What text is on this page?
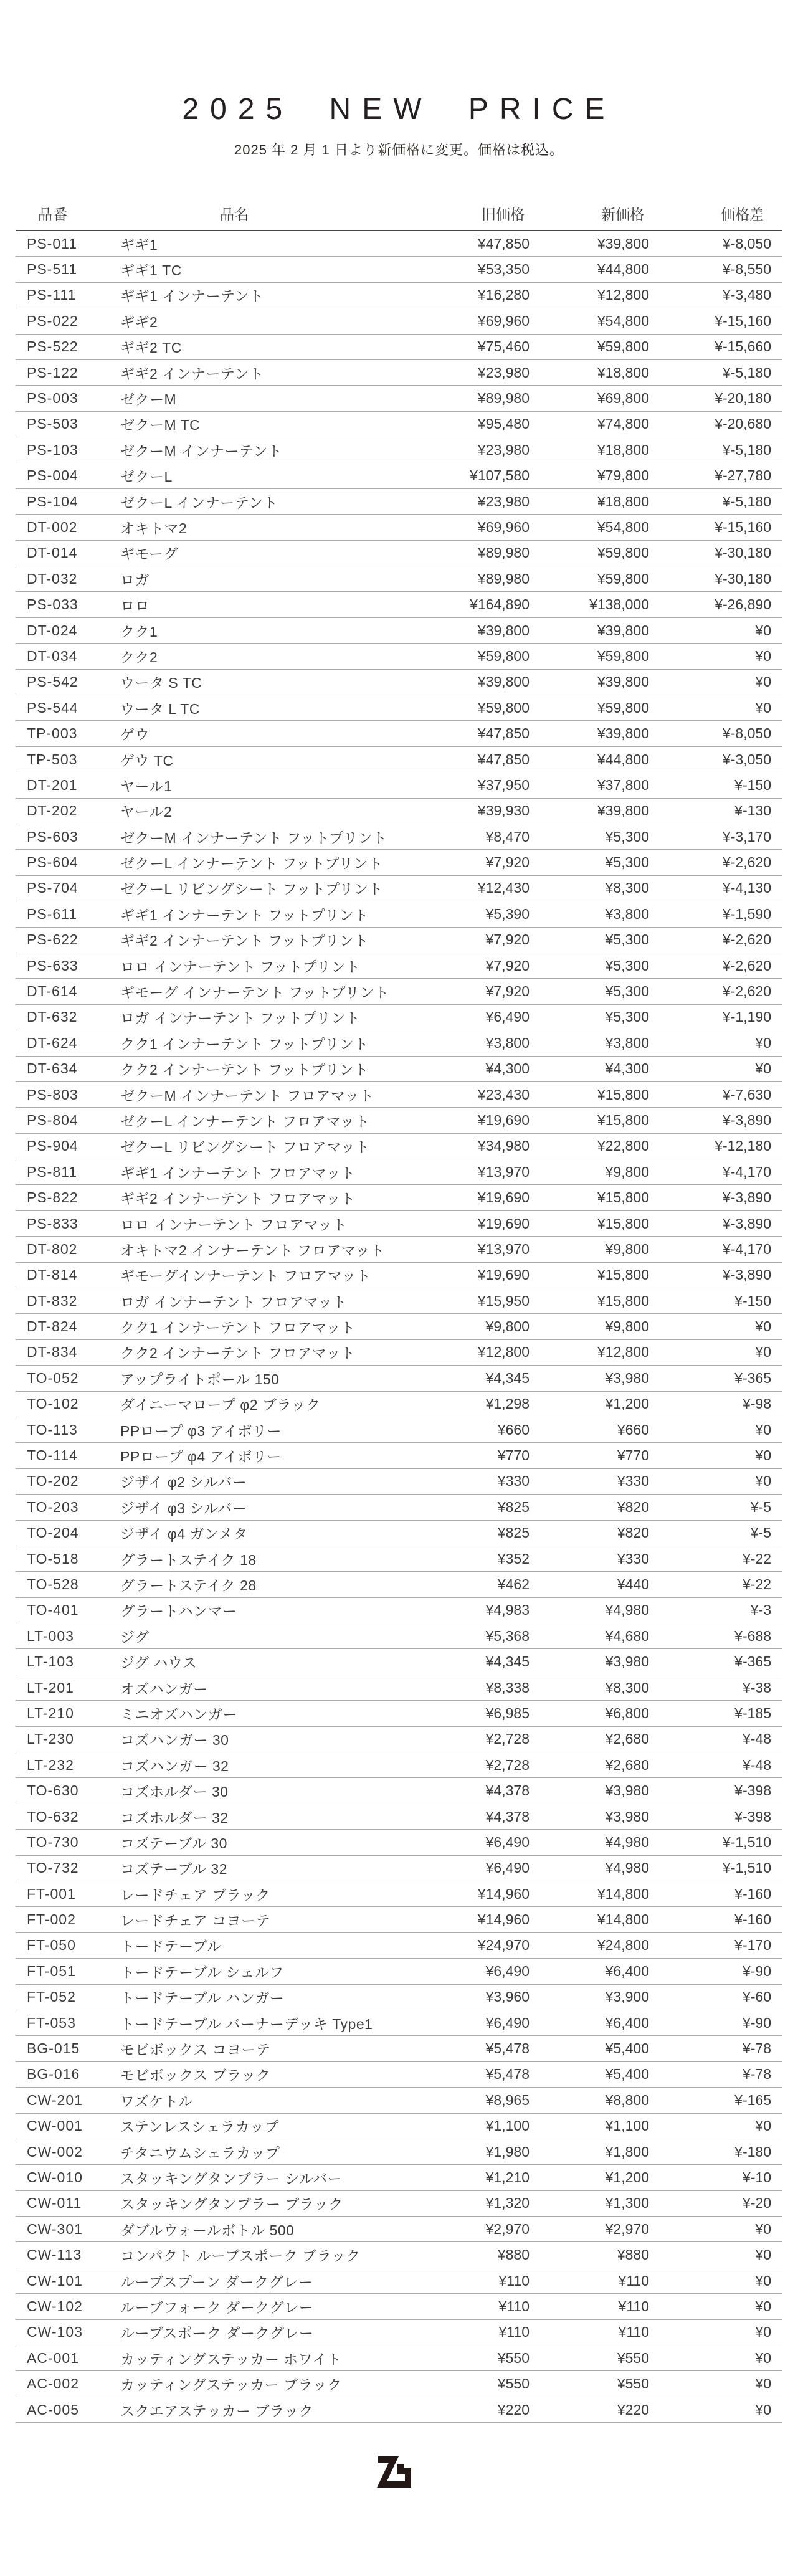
2025 NEW PRICE

2025 年 2 月 1 日より新価格に変更。価格は税込。

品番	品名	旧価格	新価格	価格差
PS-011	ギギ1	¥47,850	¥39,800	¥-8,050
PS-511	ギギ1 TC	¥53,350	¥44,800	¥-8,550
PS-111	ギギ1 インナーテント	¥16,280	¥12,800	¥-3,480
PS-022	ギギ2	¥69,960	¥54,800	¥-15,160
PS-522	ギギ2 TC	¥75,460	¥59,800	¥-15,660
PS-122	ギギ2 インナーテント	¥23,980	¥18,800	¥-5,180
PS-003	ゼクーM	¥89,980	¥69,800	¥-20,180
PS-503	ゼクーM TC	¥95,480	¥74,800	¥-20,680
PS-103	ゼクーM インナーテント	¥23,980	¥18,800	¥-5,180
PS-004	ゼクーL	¥107,580	¥79,800	¥-27,780
PS-104	ゼクーL インナーテント	¥23,980	¥18,800	¥-5,180
DT-002	オキトマ2	¥69,960	¥54,800	¥-15,160
DT-014	ギモーグ	¥89,980	¥59,800	¥-30,180
DT-032	ロガ	¥89,980	¥59,800	¥-30,180
PS-033	ロロ	¥164,890	¥138,000	¥-26,890
DT-024	クク1	¥39,800	¥39,800	¥0
DT-034	クク2	¥59,800	¥59,800	¥0
PS-542	ウータ S TC	¥39,800	¥39,800	¥0
PS-544	ウータ L TC	¥59,800	¥59,800	¥0
TP-003	ゲウ	¥47,850	¥39,800	¥-8,050
TP-503	ゲウ TC	¥47,850	¥44,800	¥-3,050
DT-201	ヤール1	¥37,950	¥37,800	¥-150
DT-202	ヤール2	¥39,930	¥39,800	¥-130
PS-603	ゼクーM インナーテント フットプリント	¥8,470	¥5,300	¥-3,170
PS-604	ゼクーL インナーテント フットプリント	¥7,920	¥5,300	¥-2,620
PS-704	ゼクーL リビングシート フットプリント	¥12,430	¥8,300	¥-4,130
PS-611	ギギ1 インナーテント フットプリント	¥5,390	¥3,800	¥-1,590
PS-622	ギギ2 インナーテント フットプリント	¥7,920	¥5,300	¥-2,620
PS-633	ロロ インナーテント フットプリント	¥7,920	¥5,300	¥-2,620
DT-614	ギモーグ インナーテント フットプリント	¥7,920	¥5,300	¥-2,620
DT-632	ロガ インナーテント フットプリント	¥6,490	¥5,300	¥-1,190
DT-624	クク1 インナーテント フットプリント	¥3,800	¥3,800	¥0
DT-634	クク2 インナーテント フットプリント	¥4,300	¥4,300	¥0
PS-803	ゼクーM インナーテント フロアマット	¥23,430	¥15,800	¥-7,630
PS-804	ゼクーL インナーテント フロアマット	¥19,690	¥15,800	¥-3,890
PS-904	ゼクーL リビングシート フロアマット	¥34,980	¥22,800	¥-12,180
PS-811	ギギ1 インナーテント フロアマット	¥13,970	¥9,800	¥-4,170
PS-822	ギギ2 インナーテント フロアマット	¥19,690	¥15,800	¥-3,890
PS-833	ロロ インナーテント フロアマット	¥19,690	¥15,800	¥-3,890
DT-802	オキトマ2 インナーテント フロアマット	¥13,970	¥9,800	¥-4,170
DT-814	ギモーグインナーテント フロアマット	¥19,690	¥15,800	¥-3,890
DT-832	ロガ インナーテント フロアマット	¥15,950	¥15,800	¥-150
DT-824	クク1 インナーテント フロアマット	¥9,800	¥9,800	¥0
DT-834	クク2 インナーテント フロアマット	¥12,800	¥12,800	¥0
TO-052	アップライトポール 150	¥4,345	¥3,980	¥-365
TO-102	ダイニーマロープ φ2 ブラック	¥1,298	¥1,200	¥-98
TO-113	PPロープ φ3 アイボリー	¥660	¥660	¥0
TO-114	PPロープ φ4 アイボリー	¥770	¥770	¥0
TO-202	ジザイ φ2 シルバー	¥330	¥330	¥0
TO-203	ジザイ φ3 シルバー	¥825	¥820	¥-5
TO-204	ジザイ φ4 ガンメタ	¥825	¥820	¥-5
TO-518	グラートステイク 18	¥352	¥330	¥-22
TO-528	グラートステイク 28	¥462	¥440	¥-22
TO-401	グラートハンマー	¥4,983	¥4,980	¥-3
LT-003	ジグ	¥5,368	¥4,680	¥-688
LT-103	ジグ ハウス	¥4,345	¥3,980	¥-365
LT-201	オズハンガー	¥8,338	¥8,300	¥-38
LT-210	ミニオズハンガー	¥6,985	¥6,800	¥-185
LT-230	コズハンガー 30	¥2,728	¥2,680	¥-48
LT-232	コズハンガー 32	¥2,728	¥2,680	¥-48
TO-630	コズホルダー 30	¥4,378	¥3,980	¥-398
TO-632	コズホルダー 32	¥4,378	¥3,980	¥-398
TO-730	コズテーブル 30	¥6,490	¥4,980	¥-1,510
TO-732	コズテーブル 32	¥6,490	¥4,980	¥-1,510
FT-001	レードチェア ブラック	¥14,960	¥14,800	¥-160
FT-002	レードチェア コヨーテ	¥14,960	¥14,800	¥-160
FT-050	トードテーブル	¥24,970	¥24,800	¥-170
FT-051	トードテーブル シェルフ	¥6,490	¥6,400	¥-90
FT-052	トードテーブル ハンガー	¥3,960	¥3,900	¥-60
FT-053	トードテーブル バーナーデッキ Type1	¥6,490	¥6,400	¥-90
BG-015	モビボックス コヨーテ	¥5,478	¥5,400	¥-78
BG-016	モビボックス ブラック	¥5,478	¥5,400	¥-78
CW-201	ワズケトル	¥8,965	¥8,800	¥-165
CW-001	ステンレスシェラカップ	¥1,100	¥1,100	¥0
CW-002	チタニウムシェラカップ	¥1,980	¥1,800	¥-180
CW-010	スタッキングタンブラー シルバー	¥1,210	¥1,200	¥-10
CW-011	スタッキングタンブラー ブラック	¥1,320	¥1,300	¥-20
CW-301	ダブルウォールボトル 500	¥2,970	¥2,970	¥0
CW-113	コンパクト ルーブスポーク ブラック	¥880	¥880	¥0
CW-101	ルーブスプーン ダークグレー	¥110	¥110	¥0
CW-102	ルーブフォーク ダークグレー	¥110	¥110	¥0
CW-103	ルーブスポーク ダークグレー	¥110	¥110	¥0
AC-001	カッティングステッカー ホワイト	¥550	¥550	¥0
AC-002	カッティングステッカー ブラック	¥550	¥550	¥0
AC-005	スクエアステッカー ブラック	¥220	¥220	¥0
